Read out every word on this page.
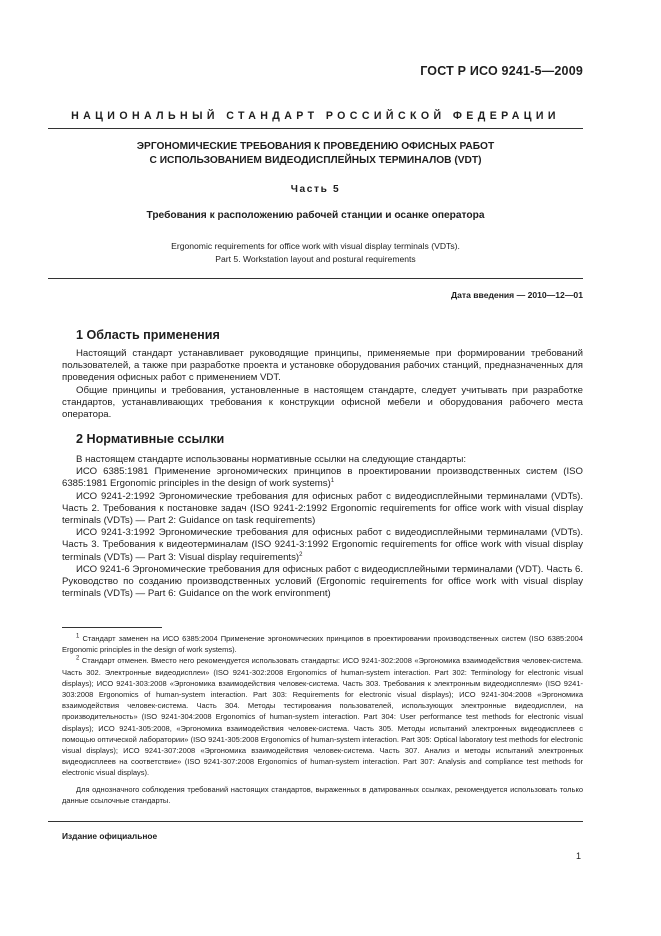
ГОСТ Р ИСО 9241-5—2009
НАЦИОНАЛЬНЫЙ СТАНДАРТ РОССИЙСКОЙ ФЕДЕРАЦИИ
ЭРГОНОМИЧЕСКИЕ ТРЕБОВАНИЯ К ПРОВЕДЕНИЮ ОФИСНЫХ РАБОТ
С ИСПОЛЬЗОВАНИЕМ ВИДЕОДИСПЛЕЙНЫХ ТЕРМИНАЛОВ (VDT)
Часть 5
Требования к расположению рабочей станции и осанке оператора
Ergonomic requirements for office work with visual display terminals (VDTs).
Part 5. Workstation layout and postural requirements
Дата введения — 2010—12—01
1 Область применения

Настоящий стандарт устанавливает руководящие принципы, применяемые при формировании требований пользователей, а также при разработке проекта и установке оборудования рабочих станций, предназначенных для проведения офисных работ с применением VDT.

Общие принципы и требования, установленные в настоящем стандарте, следует учитывать при разработке стандартов, устанавливающих требования к конструкции офисной мебели и оборудования рабочего места оператора.

2 Нормативные ссылки

В настоящем стандарте использованы нормативные ссылки на следующие стандарты:

ИСО 6385:1981 Применение эргономических принципов в проектировании производственных систем (ISO 6385:1981 Ergonomic principles in the design of work systems)$^1$

ИСО 9241-2:1992 Эргономические требования для офисных работ с видеодисплейными терминалами (VDTs). Часть 2. Требования к постановке задач (ISO 9241-2:1992 Ergonomic requirements for office work with visual display terminals (VDTs) — Part 2: Guidance on task requirements)

ИСО 9241-3:1992 Эргономические требования для офисных работ с видеодисплейными терминалами (VDTs). Часть 3. Требования к видеотерминалам (ISO 9241-3:1992 Ergonomic requirements for office work with visual display terminals (VDTs) — Part 3: Visual display requirements)$^2$

ИСО 9241-6 Эргономические требования для офисных работ с видеодисплейными терминалами (VDT). Часть 6. Руководство по созданию производственных условий (Ergonomic requirements for office work with visual display terminals (VDTs) — Part 6: Guidance on the work environment)

$^1$ Стандарт заменен на ИСО 6385:2004 Применение эргономических принципов в проектировании производственных систем (ISO 6385:2004 Ergonomic principles in the design of work systems).

$^2$ Стандарт отменен. Вместо него рекомендуется использовать стандарты: ИСО 9241-302:2008 «Эргономика взаимодействия человек-система. Часть 302. Электронные видеодисплеи» (ISO 9241-302:2008 Ergonomics of human-system interaction. Part 302: Terminology for electronic visual displays); ИСО 9241-303:2008 «Эргономика взаимодействия человек-система. Часть 303. Требования к электронным видеодисплеям» (ISO 9241-303:2008 Ergonomics of human-system interaction. Part 303: Requirements for electronic visual displays); ИСО 9241-304:2008 «Эргономика взаимодействия человек-система. Часть 304. Методы тестирования пользователей, использующих электронные видеодисплеи, на производительность» (ISO 9241-304:2008 Ergonomics of human-system interaction. Part 304: User performance test methods for electronic visual displays); ИСО 9241-305:2008, «Эргономика взаимодействия человек-система. Часть 305. Методы испытаний электронных видеодисплеев с помощью оптической лаборатории» (ISO 9241-305:2008 Ergonomics of human-system interaction. Part 305: Optical laboratory test methods for electronic visual displays); ИСО 9241-307:2008 «Эргономика взаимодействия человек-система. Часть 307. Анализ и методы испытаний электронных видеодисплеев на соответствие» (ISO 9241-307:2008 Ergonomics of human-system interaction. Part 307: Analysis and compliance test methods for electronic visual displays).

Для однозначного соблюдения требований настоящих стандартов, выраженных в датированных ссылках, рекомендуется использовать только данные ссылочные стандарты.

Издание официальное
1
